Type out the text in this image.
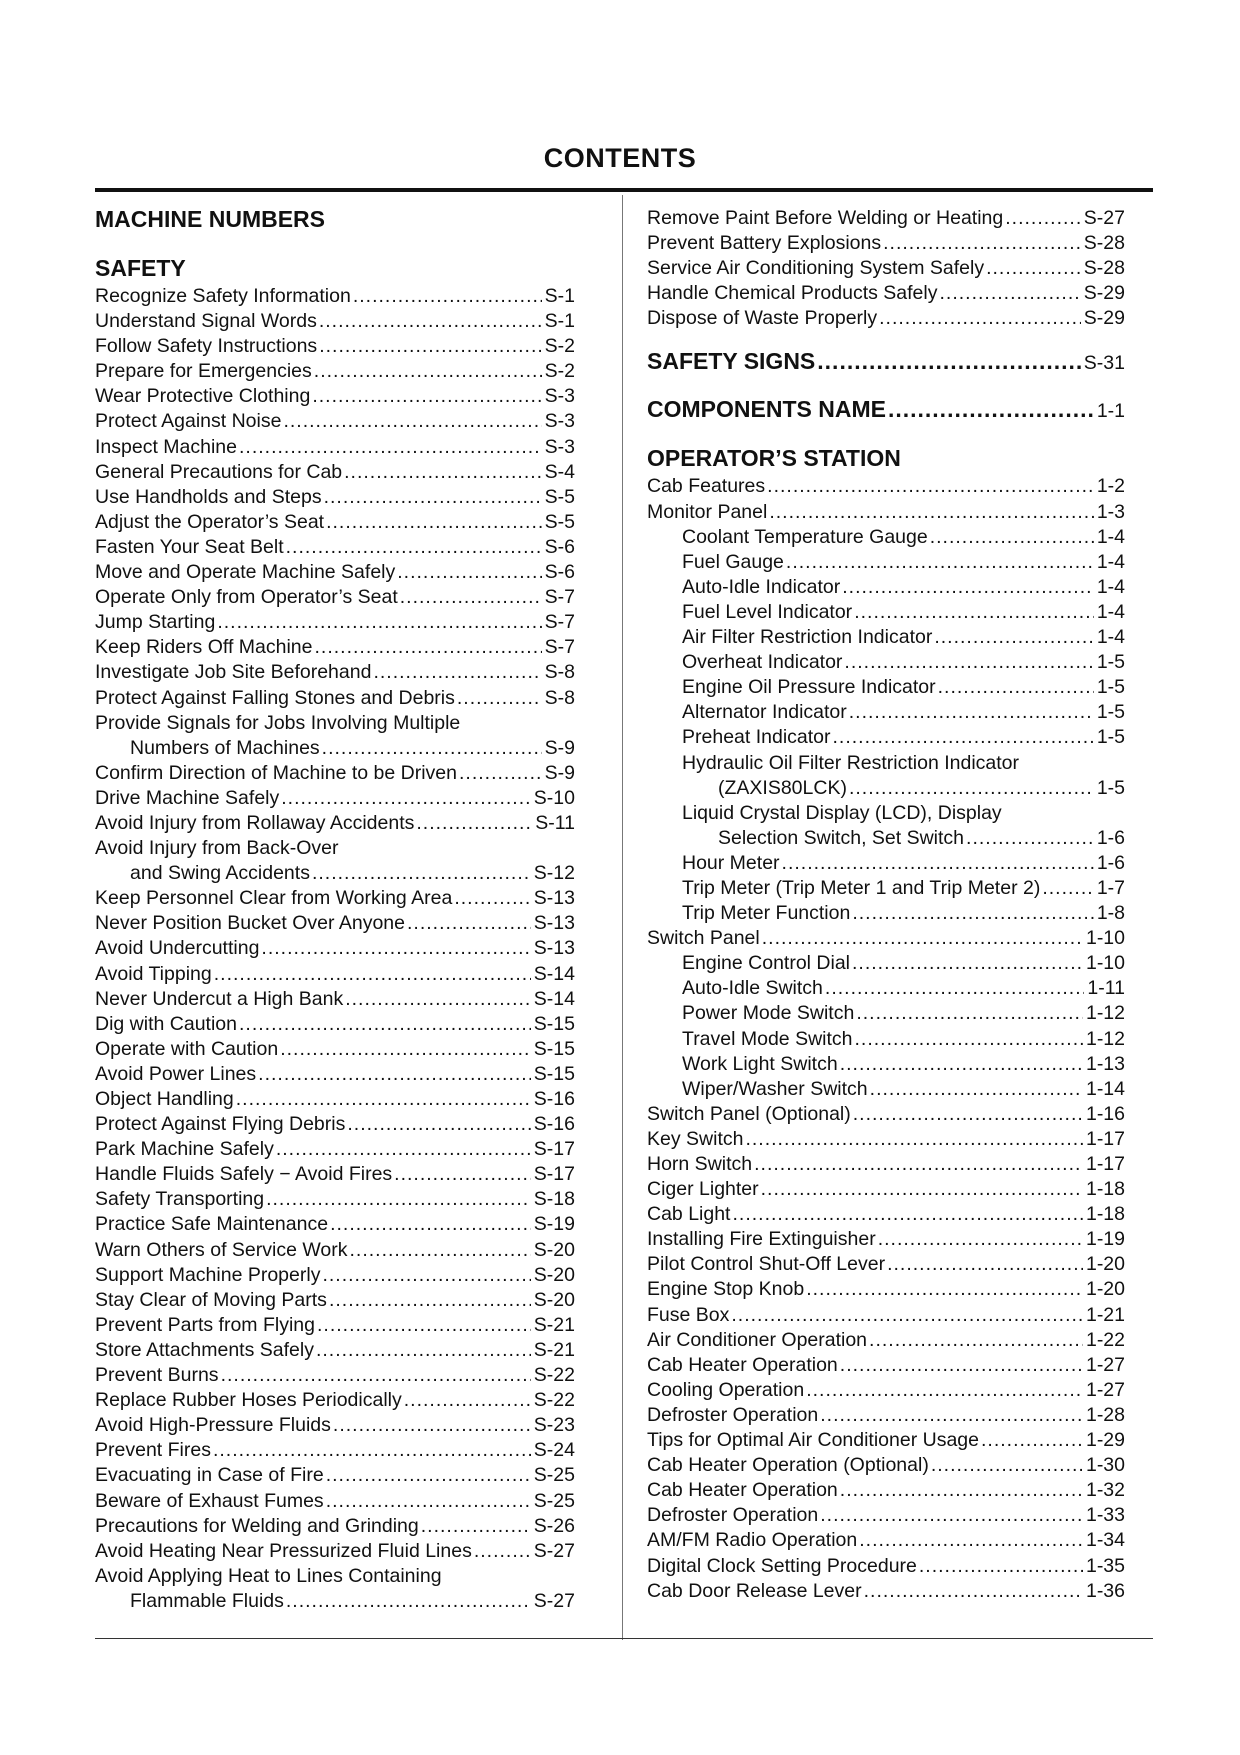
CONTENTS
MACHINE NUMBERS
SAFETY
Recognize Safety Information .....	S-1
Understand Signal Words .....	S-1
Follow Safety Instructions .....	S-2
Prepare for Emergencies .....	S-2
Wear Protective Clothing .....	S-3
Protect Against Noise .....	S-3
Inspect Machine .....	S-3
General Precautions for Cab .....	S-4
Use Handholds and Steps .....	S-5
Adjust the Operator’s Seat .....	S-5
Fasten Your Seat Belt .....	S-6
Move and Operate Machine Safely .....	S-6
Operate Only from Operator’s Seat .....	S-7
Jump Starting .....	S-7
Keep Riders Off Machine .....	S-7
Investigate Job Site Beforehand .....	S-8
Protect Against Falling Stones and Debris .....	S-8
Provide Signals for Jobs Involving Multiple
Numbers of Machines .....	S-9
Confirm Direction of Machine to be Driven .....	S-9
Drive Machine Safely .....	S-10
Avoid Injury from Rollaway Accidents .....	S-11
Avoid Injury from Back-Over
and Swing Accidents .....	S-12
Keep Personnel Clear from Working Area .....	S-13
Never Position Bucket Over Anyone .....	S-13
Avoid Undercutting .....	S-13
Avoid Tipping .....	S-14
Never Undercut a High Bank .....	S-14
Dig with Caution .....	S-15
Operate with Caution .....	S-15
Avoid Power Lines .....	S-15
Object Handling .....	S-16
Protect Against Flying Debris .....	S-16
Park Machine Safely .....	S-17
Handle Fluids Safely − Avoid Fires .....	S-17
Safety Transporting .....	S-18
Practice Safe Maintenance .....	S-19
Warn Others of Service Work .....	S-20
Support Machine Properly .....	S-20
Stay Clear of Moving Parts .....	S-20
Prevent Parts from Flying .....	S-21
Store Attachments Safely .....	S-21
Prevent Burns .....	S-22
Replace Rubber Hoses Periodically .....	S-22
Avoid High-Pressure Fluids .....	S-23
Prevent Fires .....	S-24
Evacuating in Case of Fire .....	S-25
Beware of Exhaust Fumes .....	S-25
Precautions for Welding and Grinding .....	S-26
Avoid Heating Near Pressurized Fluid Lines .....	S-27
Avoid Applying Heat to Lines Containing
Flammable Fluids .....	S-27
Remove Paint Before Welding or Heating .....	S-27
Prevent Battery Explosions .....	S-28
Service Air Conditioning System Safely .....	S-28
Handle Chemical Products Safely .....	S-29
Dispose of Waste Properly .....	S-29
SAFETY SIGNS .....	S-31
COMPONENTS NAME .....	1-1
OPERATOR’S STATION
Cab Features .....	1-2
Monitor Panel .....	1-3
Coolant Temperature Gauge .....	1-4
Fuel Gauge .....	1-4
Auto-Idle Indicator .....	1-4
Fuel Level Indicator .....	1-4
Air Filter Restriction Indicator .....	1-4
Overheat Indicator .....	1-5
Engine Oil Pressure Indicator .....	1-5
Alternator Indicator .....	1-5
Preheat Indicator .....	1-5
Hydraulic Oil Filter Restriction Indicator
(ZAXIS80LCK) .....	1-5
Liquid Crystal Display (LCD), Display
Selection Switch, Set Switch .....	1-6
Hour Meter .....	1-6
Trip Meter (Trip Meter 1 and Trip Meter 2) .....	1-7
Trip Meter Function .....	1-8
Switch Panel .....	1-10
Engine Control Dial .....	1-10
Auto-Idle Switch .....	1-11
Power Mode Switch .....	1-12
Travel Mode Switch .....	1-12
Work Light Switch .....	1-13
Wiper/Washer Switch .....	1-14
Switch Panel (Optional) .....	1-16
Key Switch .....	1-17
Horn Switch .....	1-17
Ciger Lighter .....	1-18
Cab Light .....	1-18
Installing Fire Extinguisher .....	1-19
Pilot Control Shut-Off Lever .....	1-20
Engine Stop Knob .....	1-20
Fuse Box .....	1-21
Air Conditioner Operation .....	1-22
Cab Heater Operation .....	1-27
Cooling Operation .....	1-27
Defroster Operation .....	1-28
Tips for Optimal Air Conditioner Usage .....	1-29
Cab Heater Operation (Optional) .....	1-30
Cab Heater Operation .....	1-32
Defroster Operation .....	1-33
AM/FM Radio Operation .....	1-34
Digital Clock Setting Procedure .....	1-35
Cab Door Release Lever .....	1-36
